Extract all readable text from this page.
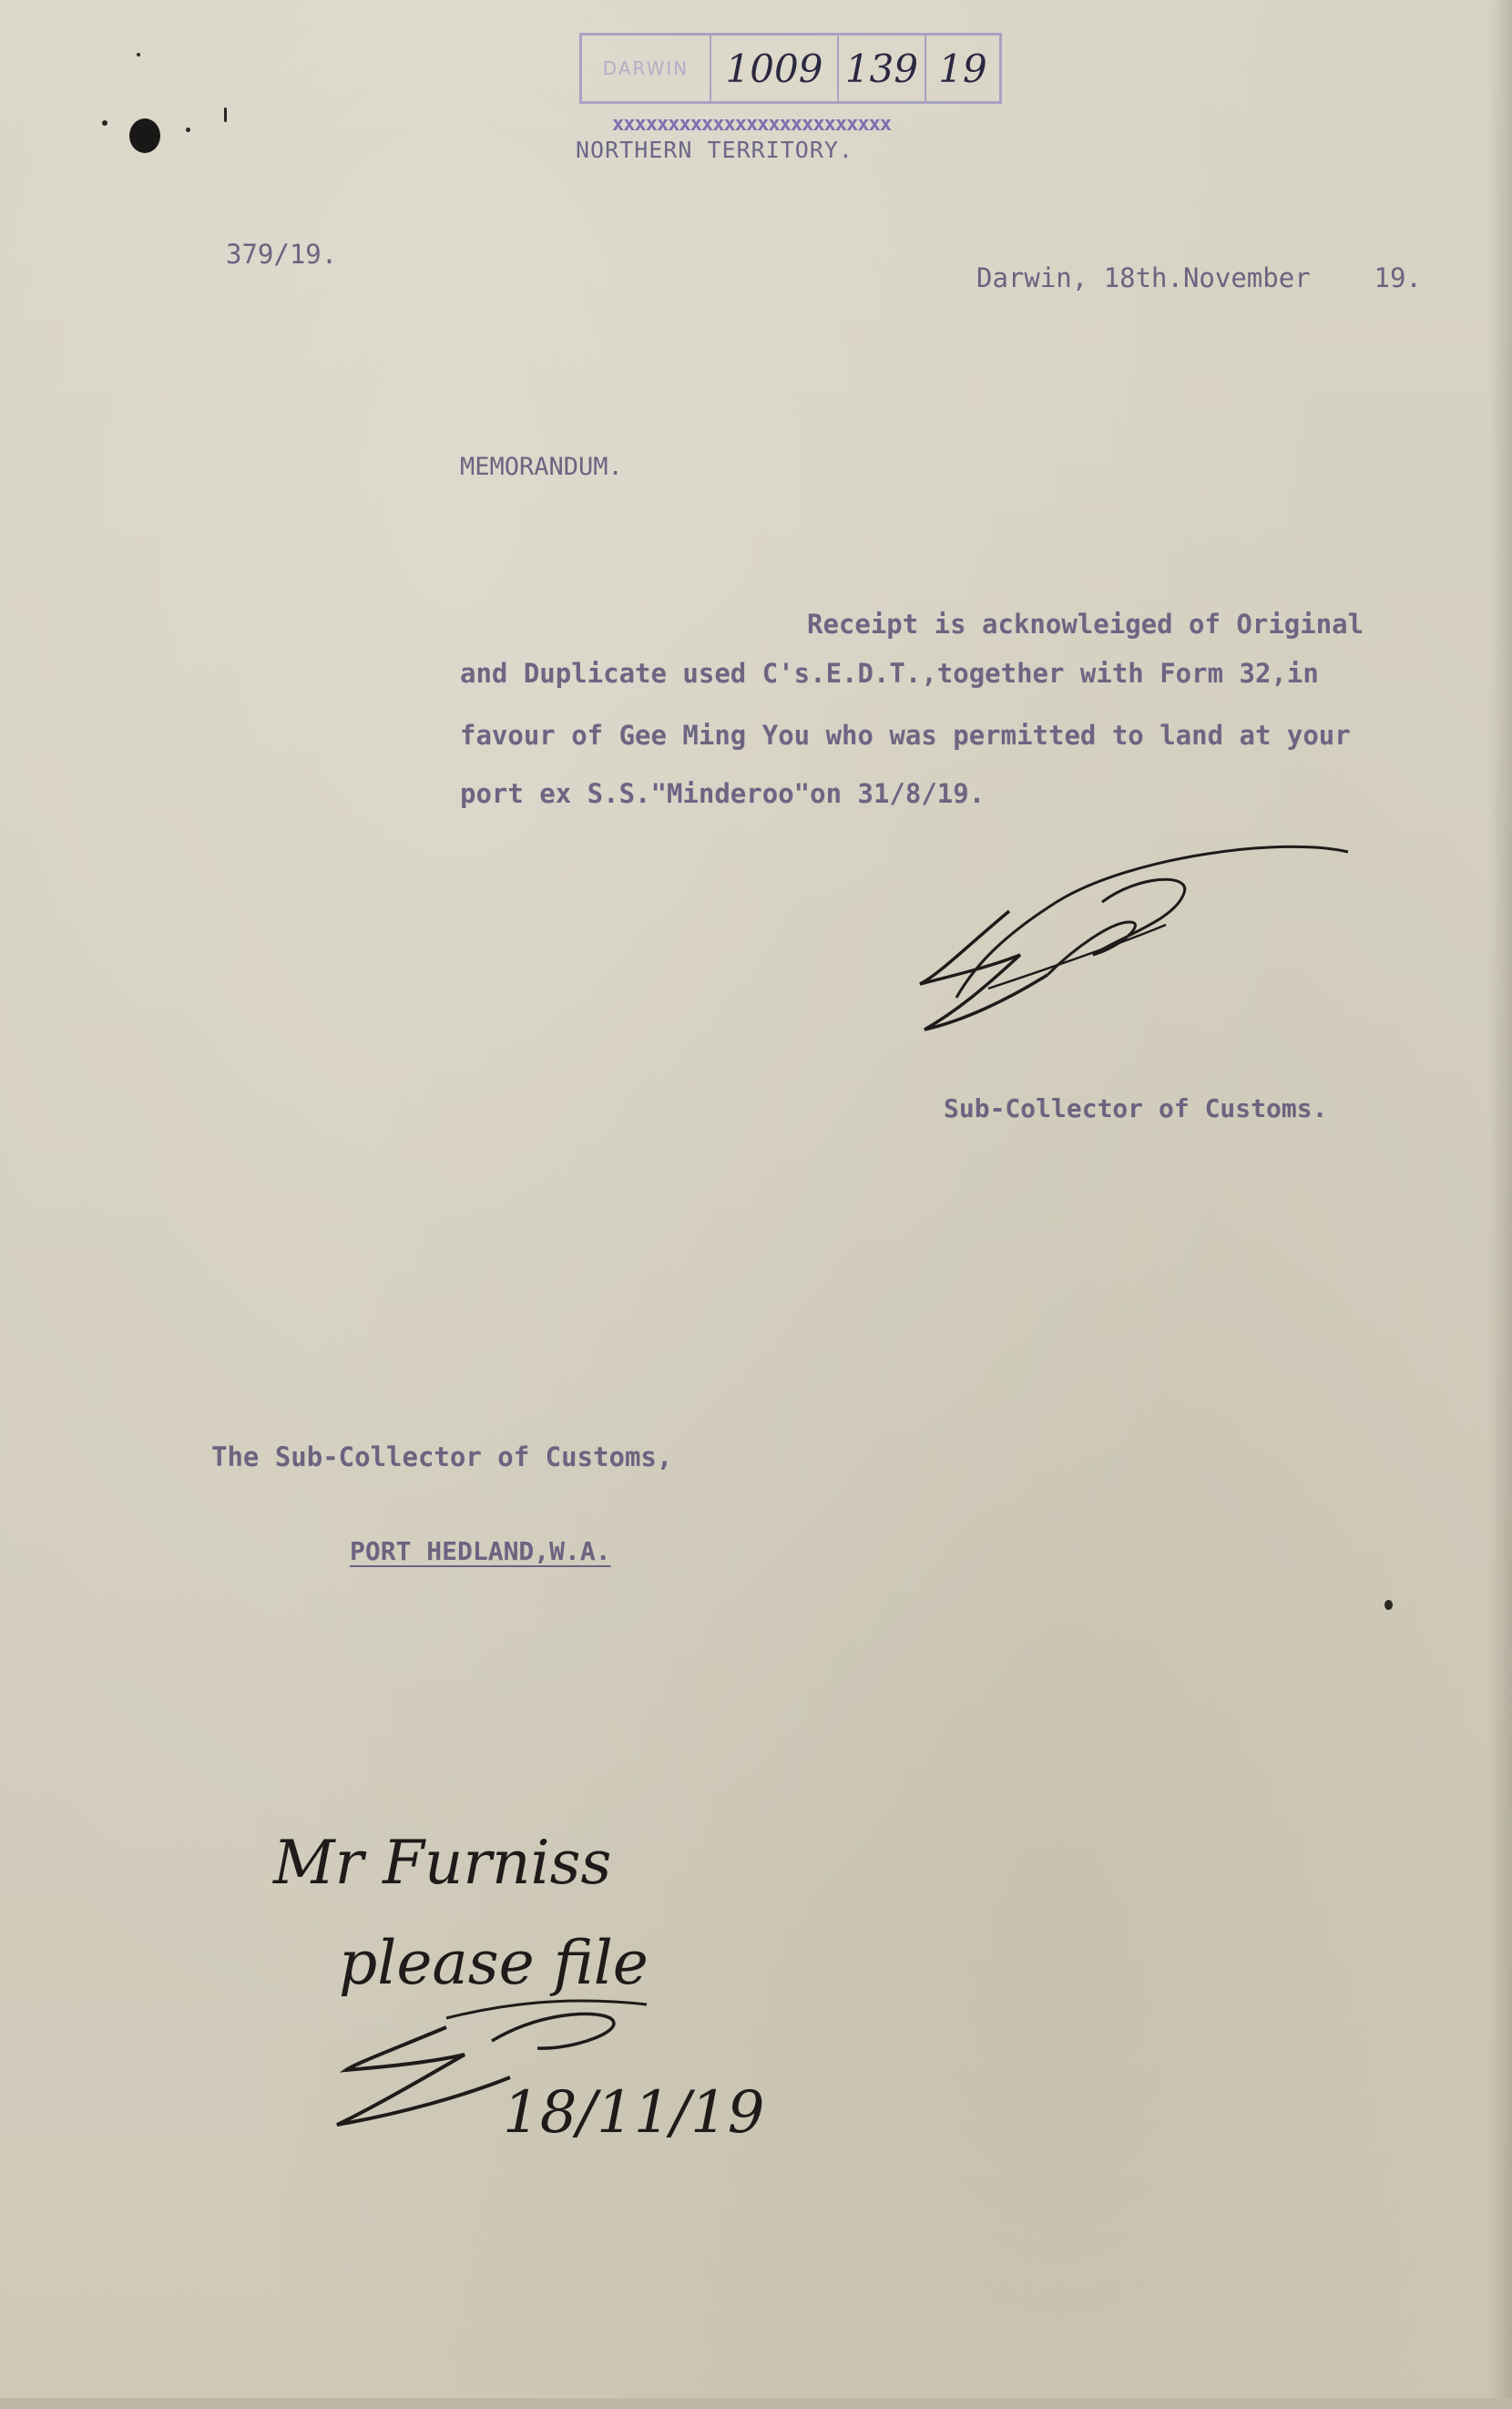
DARWIN 1009 139 19
xxxxxxxxxxxxxxxxxxxxxxxxx
NORTHERN TERRITORY.
379/19.
Darwin, 18th.November    19.
MEMORANDUM.
Receipt is acknowleiged of Original
and Duplicate used C's.E.D.T.,together with Form 32,in
favour of Gee Ming You who was permitted to land at your
port ex S.S."Minderoo"on 31/8/19.
Sub-Collector of Customs.
The Sub-Collector of Customs,
PORT HEDLAND,W.A.
Mr Furniss
please file
18/11/19
